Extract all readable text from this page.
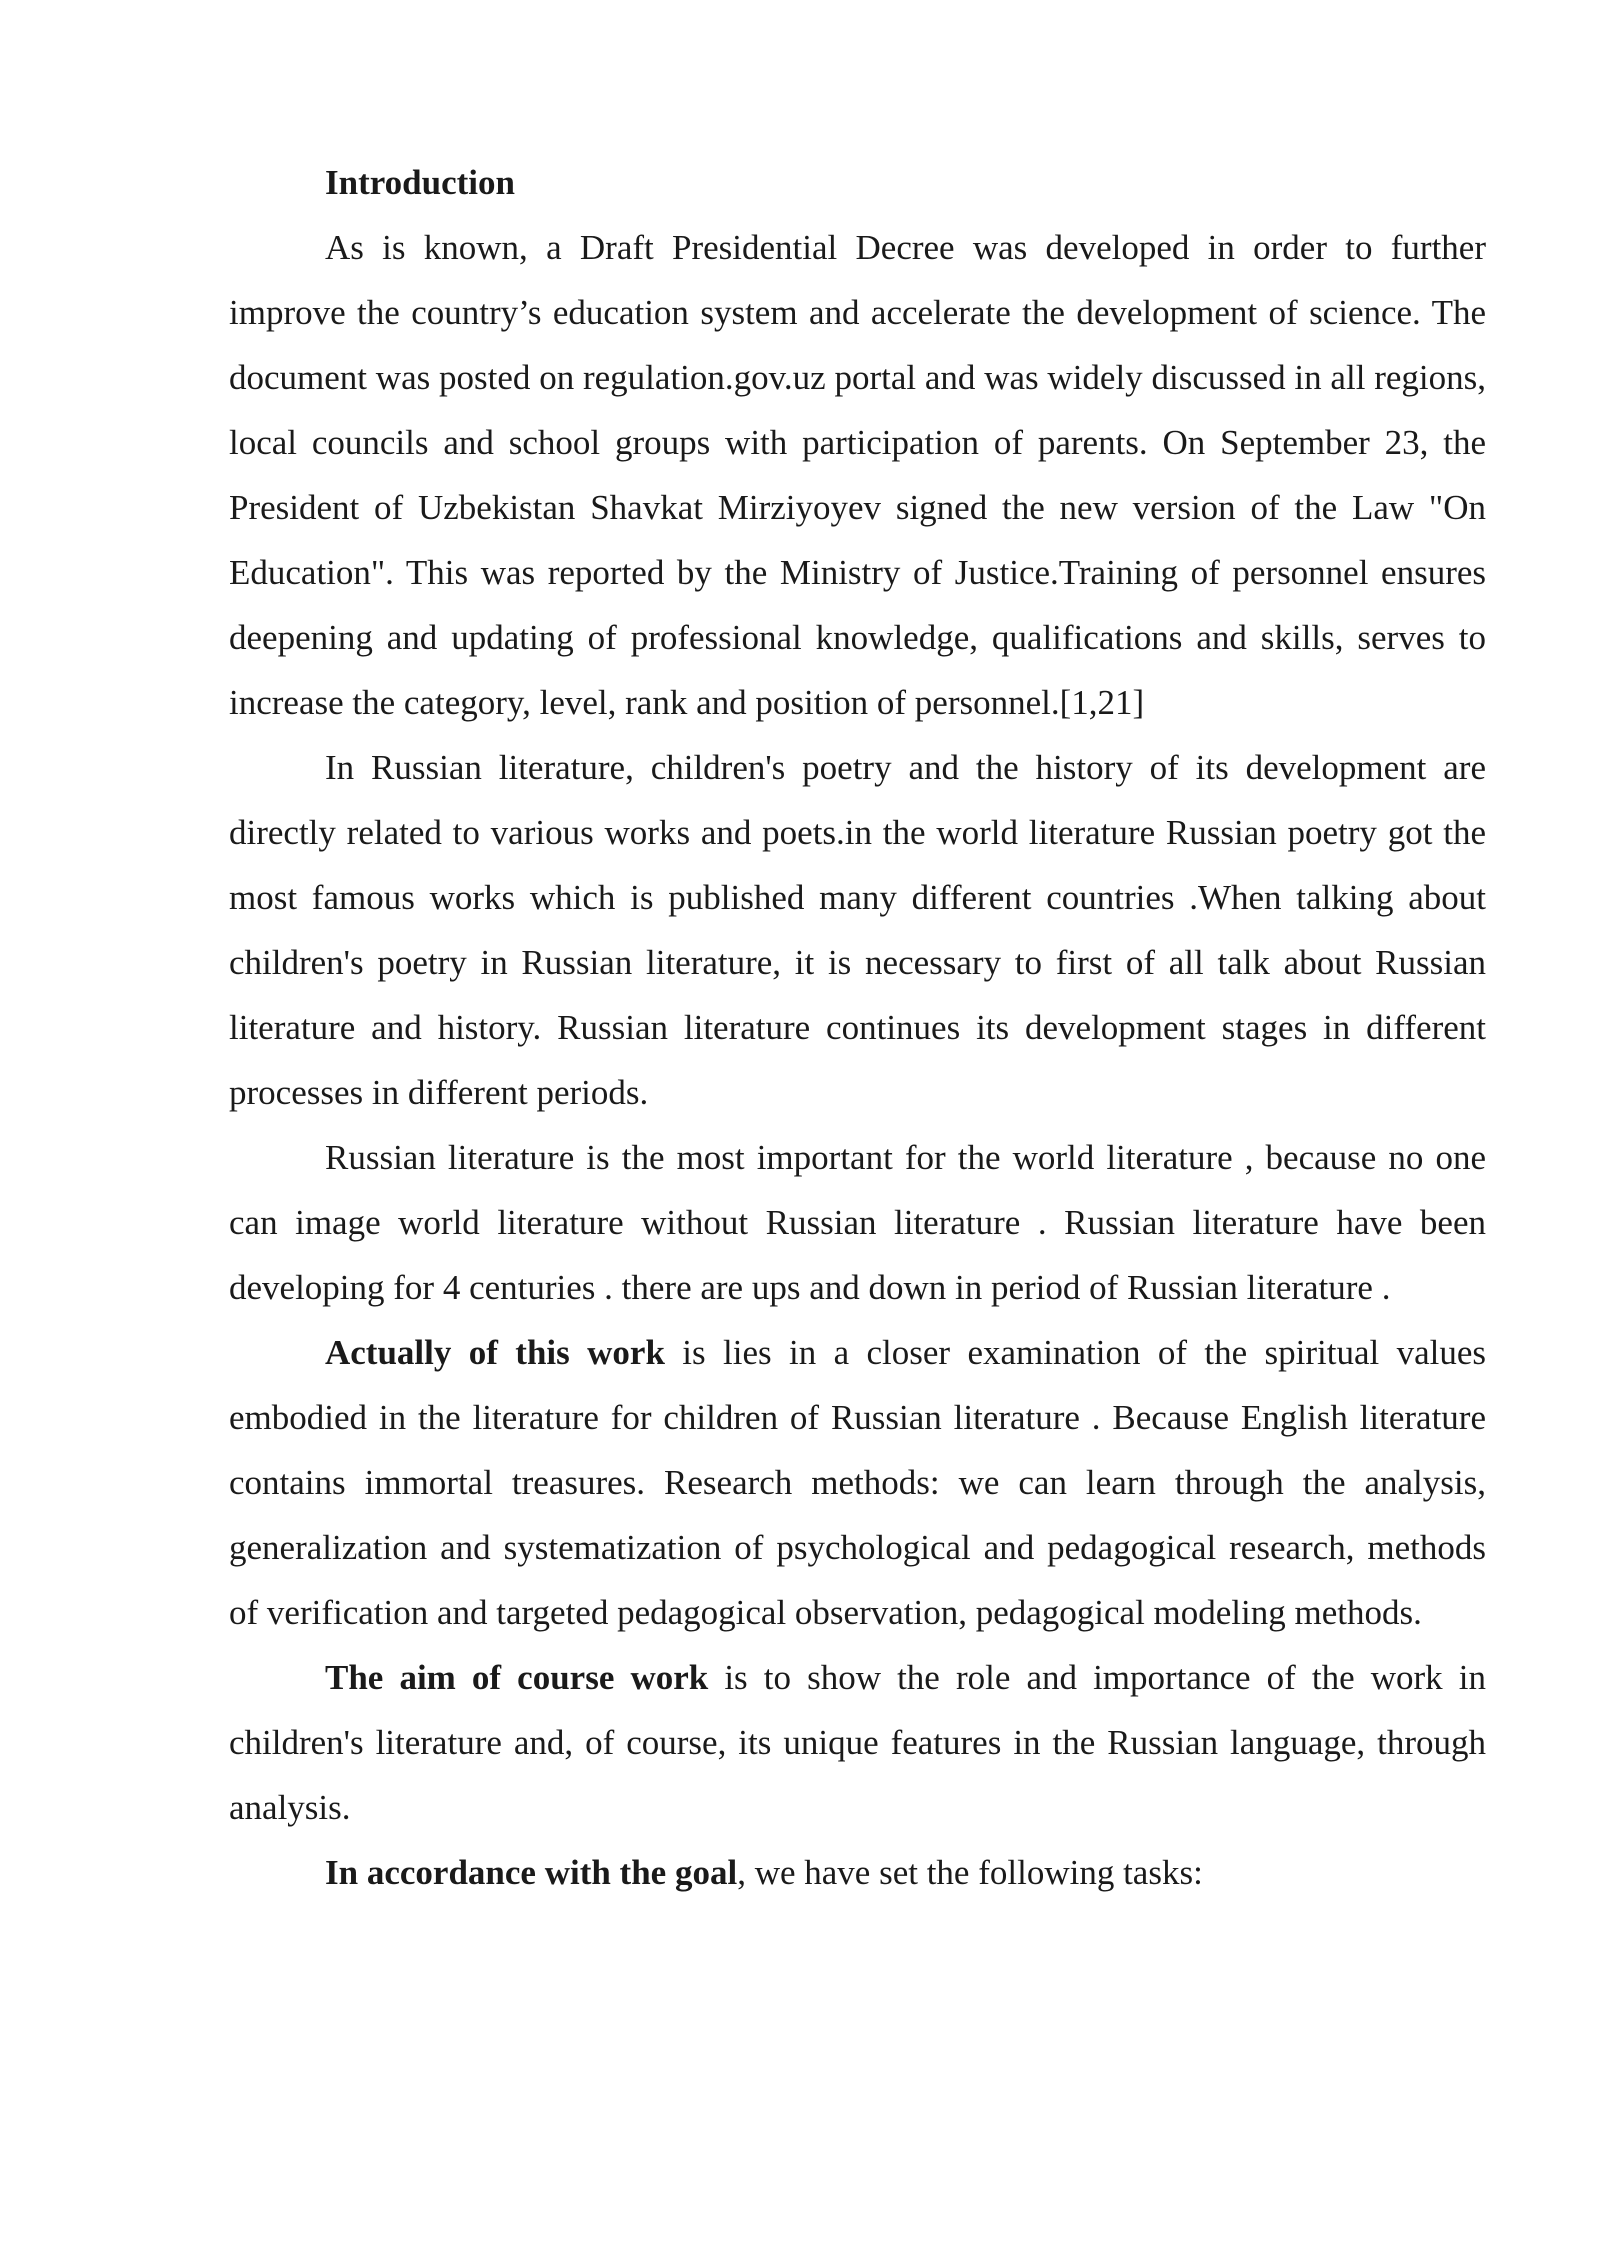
Introduction

As is known, a Draft Presidential Decree was developed in order to further improve the country’s education system and accelerate the development of science. The document was posted on regulation.gov.uz portal and was widely discussed in all regions, local councils and school groups with participation of parents. On September 23, the President of Uzbekistan Shavkat Mirziyoyev signed the new version of the Law "On Education". This was reported by the Ministry of Justice.Training of personnel ensures deepening and updating of professional knowledge, qualifications and skills, serves to increase the category, level, rank and position of personnel.[1,21]

In Russian literature, children's poetry and the history of its development are directly related to various works and poets.in the world literature Russian poetry got the most famous works which is published many different countries .When talking about children's poetry in Russian literature, it is necessary to first of all talk about Russian literature and history. Russian literature continues its development stages in different processes in different periods.

Russian literature is the most important for the world literature , because no one can image world literature without Russian literature . Russian literature have been developing for 4 centuries . there are ups and down in period of Russian literature .

Actually of this work is lies in a closer examination of the spiritual values embodied in the literature for children of Russian literature . Because English literature contains immortal treasures. Research methods: we can learn through the analysis, generalization and systematization of psychological and pedagogical research, methods of verification and targeted pedagogical observation, pedagogical modeling methods.

The aim of course work is to show the role and importance of the work in children's literature and, of course, its unique features in the Russian language, through analysis.

In accordance with the goal, we have set the following tasks:
